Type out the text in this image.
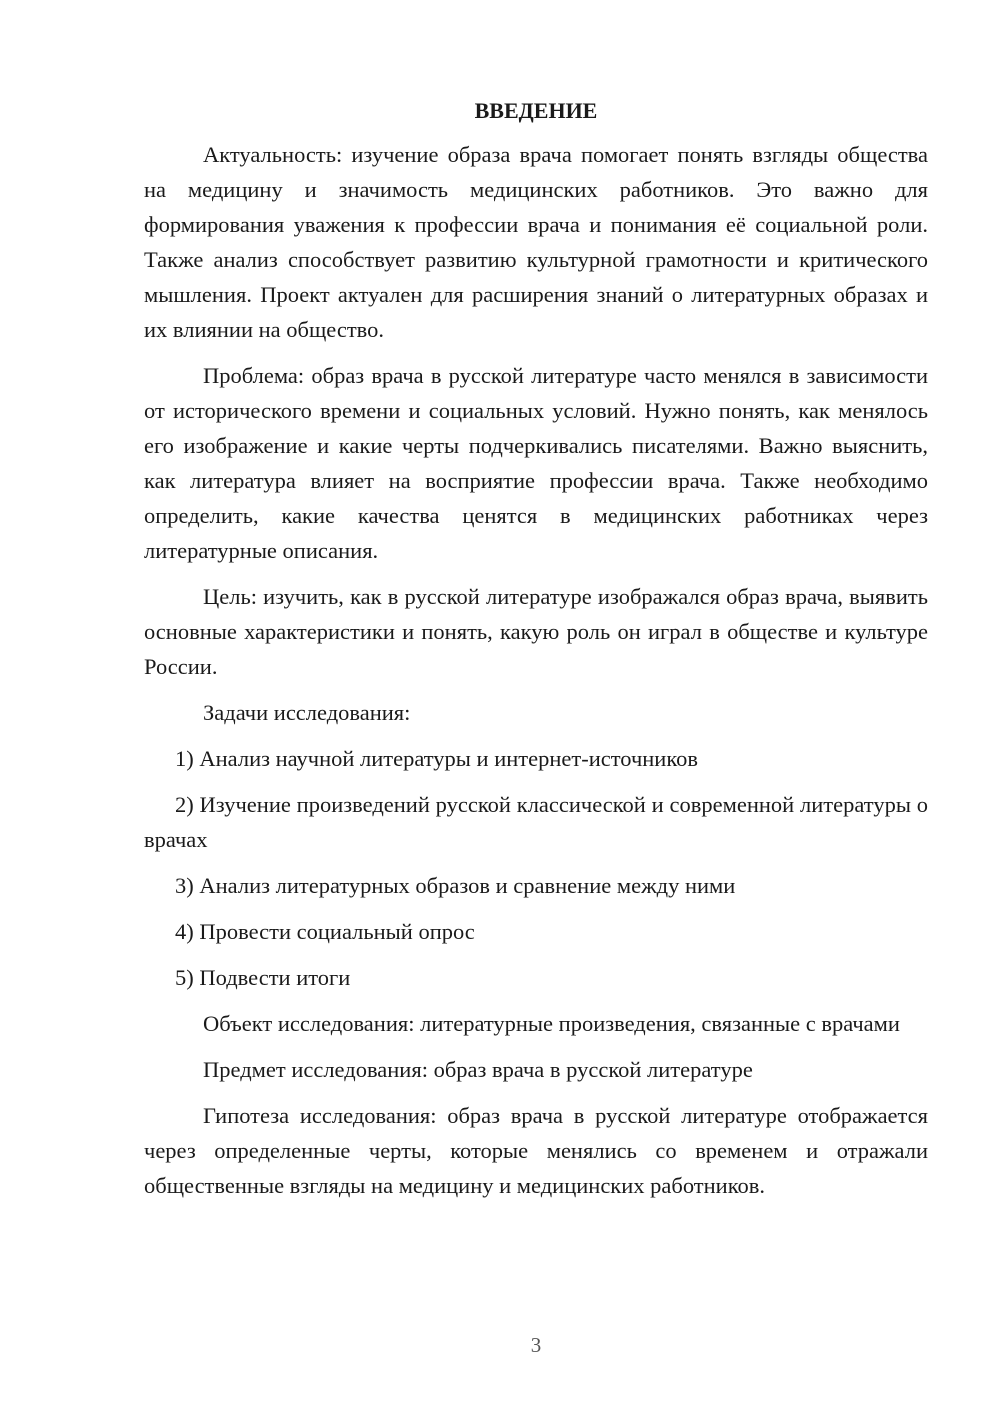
ВВЕДЕНИЕ

Актуальность: изучение образа врача помогает понять взгляды общества на медицину и значимость медицинских работников. Это важно для формирования уважения к профессии врача и понимания её социальной роли. Также анализ способствует развитию культурной грамотности и критического мышления. Проект актуален для расширения знаний о литературных образах и их влиянии на общество.

Проблема: образ врача в русской литературе часто менялся в зависимости от исторического времени и социальных условий. Нужно понять, как менялось его изображение и какие черты подчеркивались писателями. Важно выяснить, как литература влияет на восприятие профессии врача. Также необходимо определить, какие качества ценятся в медицинских работниках через литературные описания.

Цель: изучить, как в русской литературе изображался образ врача, выявить основные характеристики и понять, какую роль он играл в обществе и культуре России.

Задачи исследования:

1) Анализ научной литературы и интернет-источников

2) Изучение произведений русской классической и современной литературы о врачах

3) Анализ литературных образов и сравнение между ними

4) Провести социальный опрос

5) Подвести итоги

Объект исследования: литературные произведения, связанные с врачами

Предмет исследования: образ врача в русской литературе

Гипотеза исследования: образ врача в русской литературе отображается через определенные черты, которые менялись со временем и отражали общественные взгляды на медицину и медицинских работников.

3
